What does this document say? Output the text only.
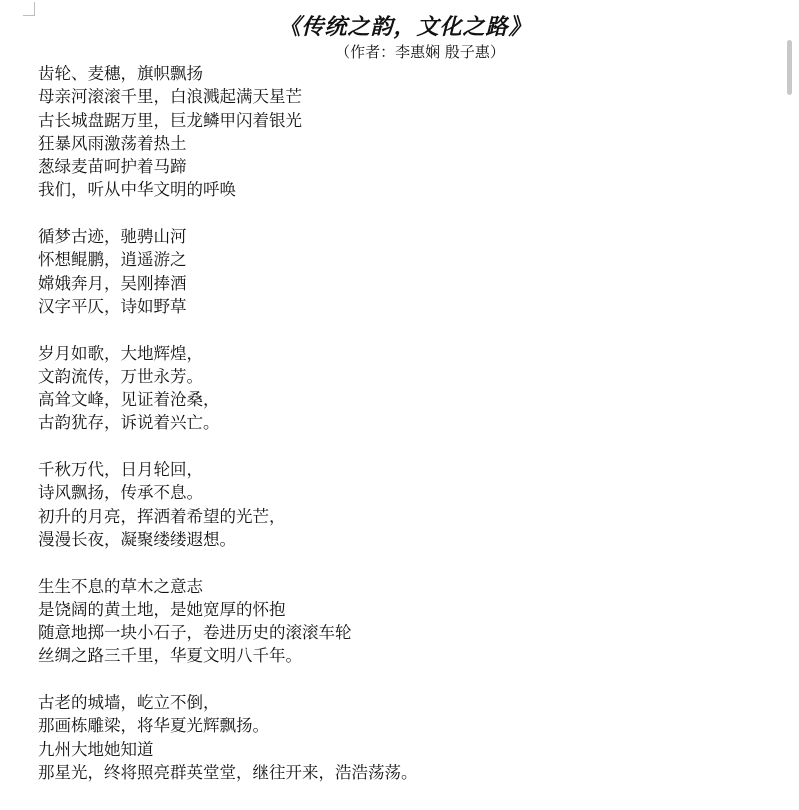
《传统之韵，文化之路》
（作者：李惠娴 殷子惠）
齿轮、麦穗，旗帜飘扬
母亲河滚滚千里，白浪溅起满天星芒
古长城盘踞万里，巨龙鳞甲闪着银光
狂暴风雨激荡着热土
葱绿麦苗呵护着马蹄
我们，听从中华文明的呼唤
循梦古迹，驰骋山河
怀想鲲鹏，逍遥游之
嫦娥奔月，吴刚捧酒
汉字平仄，诗如野草
岁月如歌，大地辉煌，
文韵流传，万世永芳。
高耸文峰，见证着沧桑，
古韵犹存，诉说着兴亡。
千秋万代，日月轮回，
诗风飘扬，传承不息。
初升的月亮，挥洒着希望的光芒，
漫漫长夜，凝聚缕缕遐想。
生生不息的草木之意志
是饶阔的黄土地，是她宽厚的怀抱
随意地掷一块小石子，卷进历史的滚滚车轮
丝绸之路三千里，华夏文明八千年。
古老的城墙，屹立不倒，
那画栋雕梁，将华夏光辉飘扬。
九州大地她知道
那星光，终将照亮群英堂堂，继往开来，浩浩荡荡。
